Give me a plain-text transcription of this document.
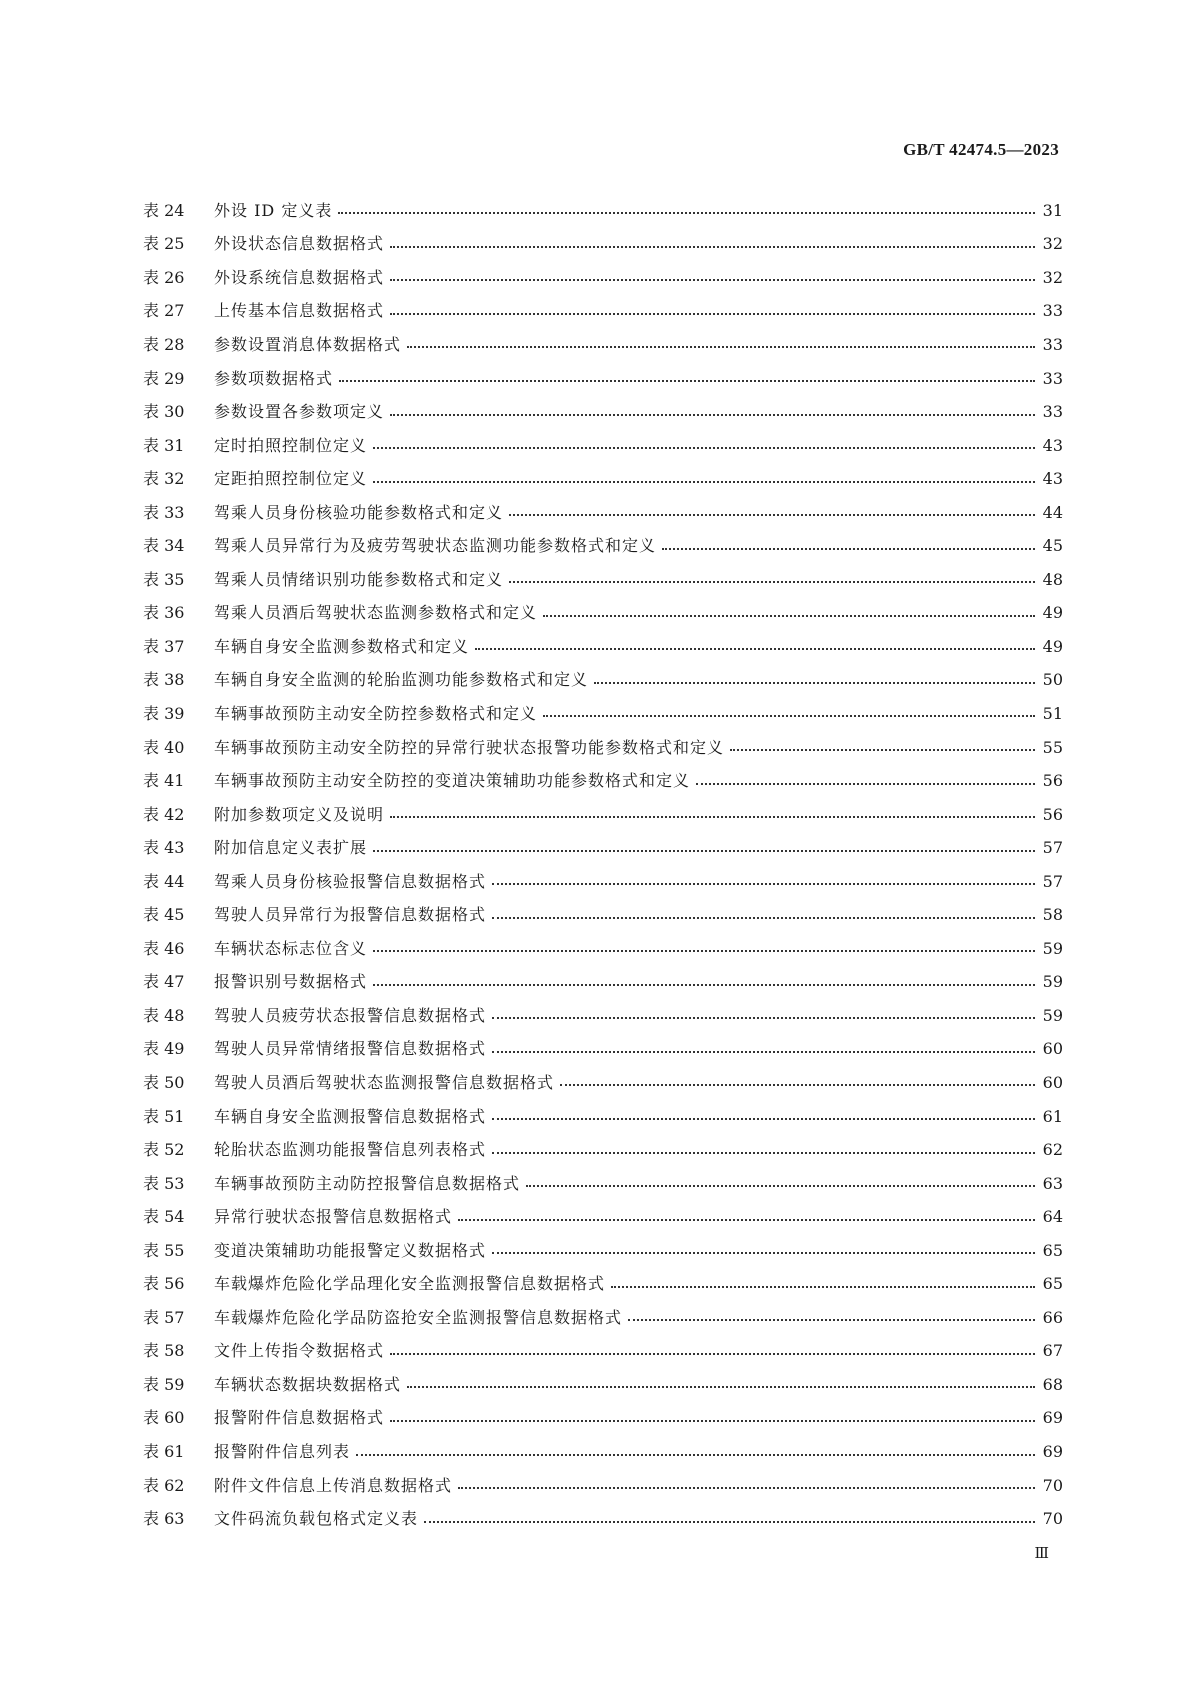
GB/T 42474.5—2023
表 24	外设 ID 定义表	31
表 25	外设状态信息数据格式	32
表 26	外设系统信息数据格式	32
表 27	上传基本信息数据格式	33
表 28	参数设置消息体数据格式	33
表 29	参数项数据格式	33
表 30	参数设置各参数项定义	33
表 31	定时拍照控制位定义	43
表 32	定距拍照控制位定义	43
表 33	驾乘人员身份核验功能参数格式和定义	44
表 34	驾乘人员异常行为及疲劳驾驶状态监测功能参数格式和定义	45
表 35	驾乘人员情绪识别功能参数格式和定义	48
表 36	驾乘人员酒后驾驶状态监测参数格式和定义	49
表 37	车辆自身安全监测参数格式和定义	49
表 38	车辆自身安全监测的轮胎监测功能参数格式和定义	50
表 39	车辆事故预防主动安全防控参数格式和定义	51
表 40	车辆事故预防主动安全防控的异常行驶状态报警功能参数格式和定义	55
表 41	车辆事故预防主动安全防控的变道决策辅助功能参数格式和定义	56
表 42	附加参数项定义及说明	56
表 43	附加信息定义表扩展	57
表 44	驾乘人员身份核验报警信息数据格式	57
表 45	驾驶人员异常行为报警信息数据格式	58
表 46	车辆状态标志位含义	59
表 47	报警识别号数据格式	59
表 48	驾驶人员疲劳状态报警信息数据格式	59
表 49	驾驶人员异常情绪报警信息数据格式	60
表 50	驾驶人员酒后驾驶状态监测报警信息数据格式	60
表 51	车辆自身安全监测报警信息数据格式	61
表 52	轮胎状态监测功能报警信息列表格式	62
表 53	车辆事故预防主动防控报警信息数据格式	63
表 54	异常行驶状态报警信息数据格式	64
表 55	变道决策辅助功能报警定义数据格式	65
表 56	车载爆炸危险化学品理化安全监测报警信息数据格式	65
表 57	车载爆炸危险化学品防盗抢安全监测报警信息数据格式	66
表 58	文件上传指令数据格式	67
表 59	车辆状态数据块数据格式	68
表 60	报警附件信息数据格式	69
表 61	报警附件信息列表	69
表 62	附件文件信息上传消息数据格式	70
表 63	文件码流负载包格式定义表	70
Ⅲ
